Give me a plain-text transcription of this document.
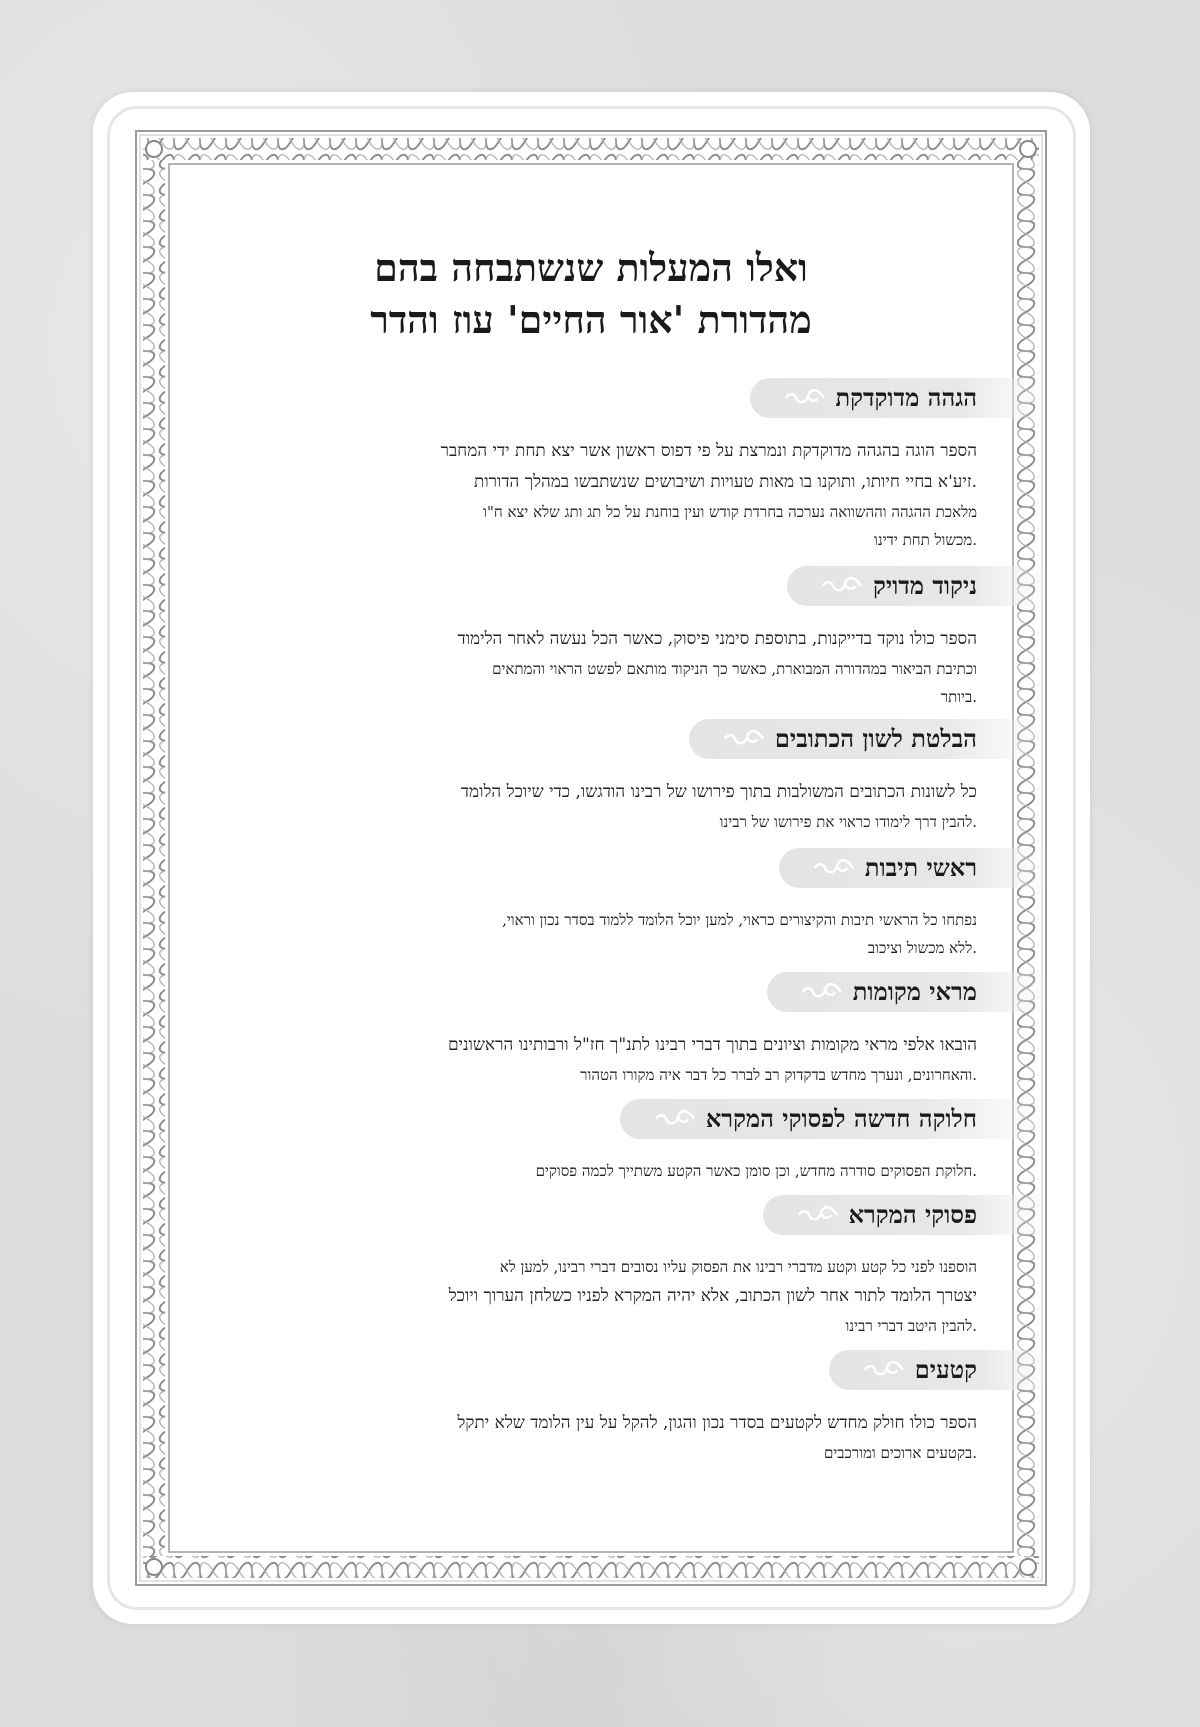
ואלו המעלות שנשתבחה בהם
מהדורת 'אור החיים' עוז והדר
הגהה מדוקדקת
הספר הוגה בהגהה מדוקדקת ונמרצת על פי דפוס ראשון אשר יצא תחת ידי המחבר
.זיע'א בחיי חיותו, ותוקנו בו מאות טעויות ושיבושים שנשתבשו במהלך הדורות
מלאכת ההגהה וההשוואה נערכה בחרדת קודש ועין בוחנת על כל תג ותג שלא יצא ח"ו
.מכשול תחת ידינו
ניקוד מדויק
הספר כולו נוקד בדייקנות, בתוספת סימני פיסוק, כאשר הכל נעשה לאחר הלימוד
וכתיבת הביאור במהדורה המבוארת, כאשר כך הניקוד מותאם לפשט הראוי והמתאים
.ביותר
הבלטת לשון הכתובים
כל לשונות הכתובים המשולבות בתוך פירושו של רבינו הודגשו, כדי שיוכל הלומד
.להבין דרך לימודו כראוי את פירושו של רבינו
ראשי תיבות
נפתחו כל הראשי תיבות והקיצורים כראוי, למען יוכל הלומד ללמוד בסדר נכון וראוי,
.ללא מכשול וציכוב
מראי מקומות
הובאו אלפי מראי מקומות וציונים בתוך דברי רבינו לתנ"ך חז"ל ורבותינו הראשונים
.והאחרונים, ונערך מחדש בדקדוק רב לברר כל דבר איה מקורו הטהור
חלוקה חדשה לפסוקי המקרא
.חלוקת הפסוקים סודרה מחדש, וכן סומן כאשר הקטע משתייך לכמה פסוקים
פסוקי המקרא
הוספנו לפני כל קטע וקטע מדברי רבינו את הפסוק עליו נסובים דברי רבינו, למען לא
יצטרך הלומד לתור אחר לשון הכתוב, אלא יהיה המקרא לפניו כשלחן הערוך ויוכל
.להבין היטב דברי רבינו
קטעים
הספר כולו חולק מחדש לקטעים בסדר נכון והגון, להקל על עין הלומד שלא יתקל
.בקטעים ארוכים ומורכבים
